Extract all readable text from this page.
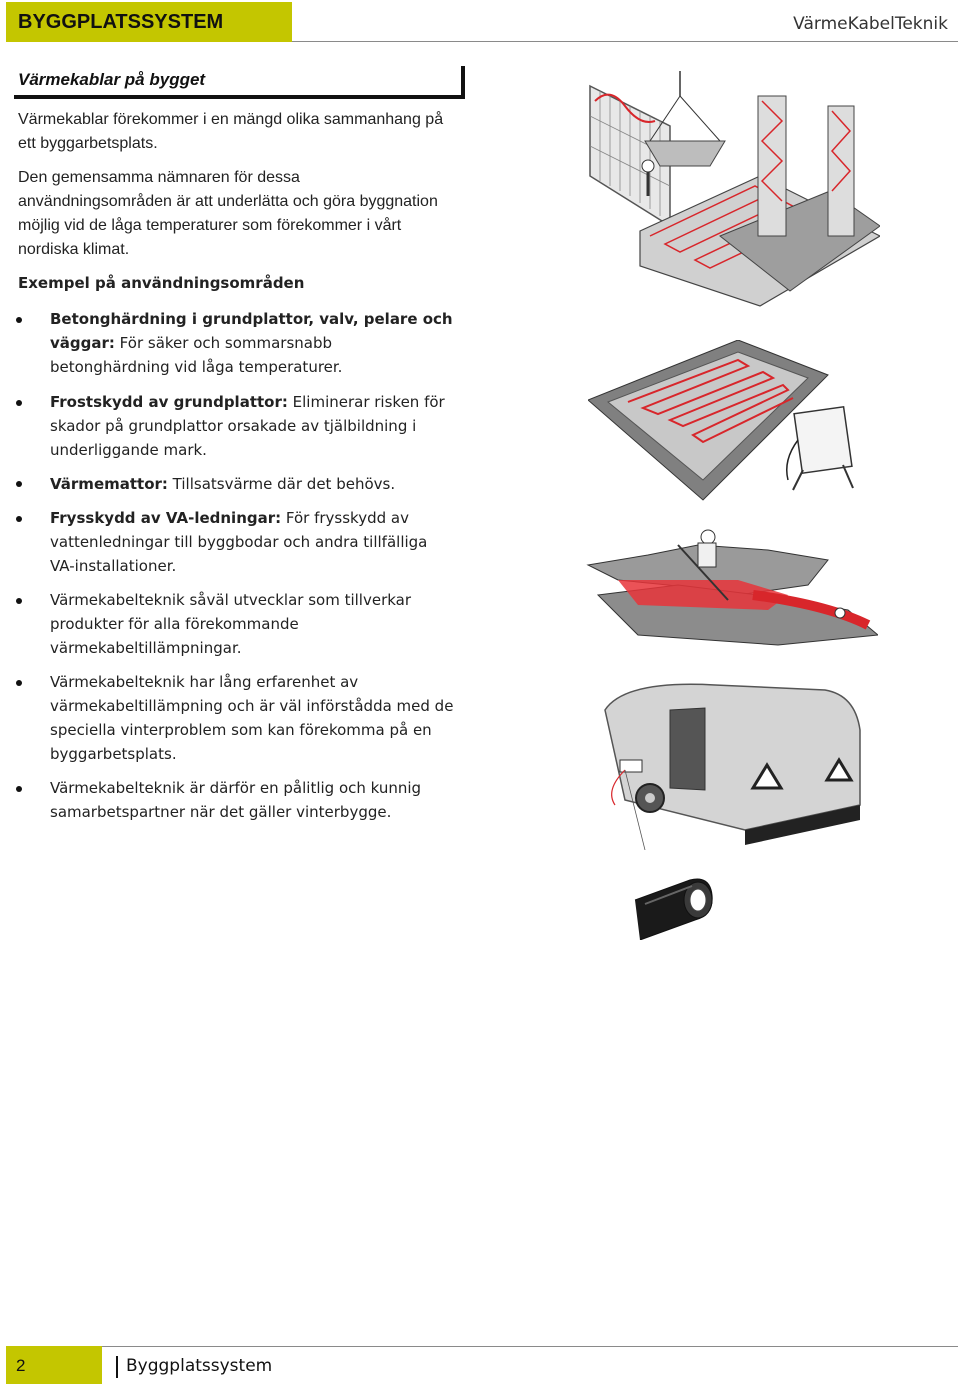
BYGGPLATSSYSTEM	VärmeKabelTeknik
Värmekablar på bygget
Värmekablar förekommer i en mängd olika sammanhang på ett byggarbetsplats.
Den gemensamma nämnaren för dessa användningsområden är att underlätta och göra byggnation möjlig vid de låga temperaturer som förekommer i vårt nordiska klimat.
Exempel på användningsområden
Betonghärdning i grundplattor, valv, pelare och väggar: För säker och sommarsnabb betonghärdning vid låga temperaturer.
Frostskydd av grundplattor: Eliminerar risken för skador på grundplattor orsakade av tjälbildning i underliggande mark.
Värmemattor: Tillsatsvärme där det behövs.
Frysskydd av VA-ledningar: För frysskydd av vattenledningar till byggbodar och andra tillfälliga VA-installationer.
Värmekabelteknik såväl utvecklar som tillverkar produkter för alla förekommande värmekabeltillämpningar.
Värmekabelteknik har lång erfarenhet av värmekabeltillämpning och är väl införstådda med de speciella vinterproblem som kan förekomma på en byggarbetsplats.
Värmekabelteknik är därför en pålitlig och kunnig samarbetspartner när det gäller vinterbygge.
2	Byggplatssystem
